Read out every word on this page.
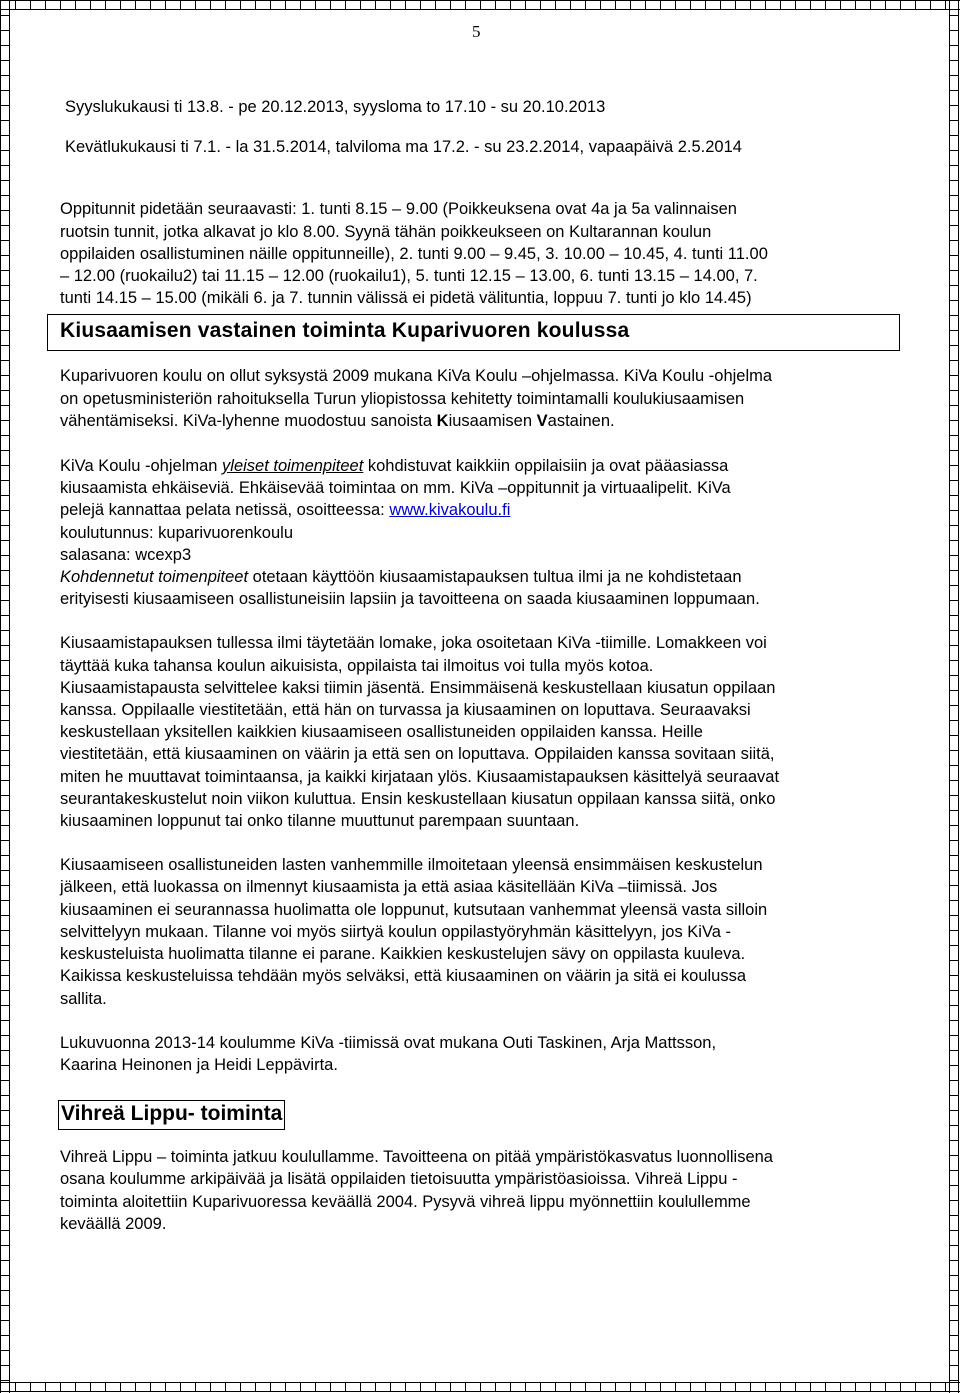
5
Syyslukukausi ti 13.8. - pe 20.12.2013, syysloma to 17.10 - su 20.10.2013
Kevätlukukausi ti 7.1. - la 31.5.2014, talviloma ma 17.2. - su 23.2.2014, vapaapäivä 2.5.2014
Oppitunnit pidetään seuraavasti: 1. tunti 8.15 – 9.00 (Poikkeuksena ovat 4a ja 5a valinnaisen
ruotsin tunnit, jotka alkavat jo klo 8.00. Syynä tähän poikkeukseen on Kultarannan koulun
oppilaiden osallistuminen näille oppitunneille), 2. tunti 9.00 – 9.45, 3. 10.00 – 10.45, 4. tunti 11.00
– 12.00 (ruokailu2) tai 11.15 – 12.00 (ruokailu1), 5. tunti 12.15 – 13.00, 6. tunti 13.15 – 14.00, 7.
tunti 14.15 – 15.00 (mikäli 6. ja 7. tunnin välissä ei pidetä välituntia, loppuu 7. tunti jo klo 14.45)
Kiusaamisen vastainen toiminta Kuparivuoren koulussa
Kuparivuoren koulu on ollut syksystä 2009 mukana KiVa Koulu –ohjelmassa. KiVa Koulu -ohjelma
on opetusministeriön rahoituksella Turun yliopistossa kehitetty toimintamalli koulukiusaamisen
vähentämiseksi. KiVa-lyhenne muodostuu sanoista Kiusaamisen Vastainen.
KiVa Koulu -ohjelman yleiset toimenpiteet kohdistuvat kaikkiin oppilaisiin ja ovat pääasiassa
kiusaamista ehkäiseviä. Ehkäisevää toimintaa on mm. KiVa –oppitunnit ja virtuaalipelit. KiVa
pelejä kannattaa pelata netissä, osoitteessa: www.kivakoulu.fi
koulutunnus: kuparivuorenkoulu
salasana: wcexp3
Kohdennetut toimenpiteet otetaan käyttöön kiusaamistapauksen tultua ilmi ja ne kohdistetaan
erityisesti kiusaamiseen osallistuneisiin lapsiin ja tavoitteena on saada kiusaaminen loppumaan.
Kiusaamistapauksen tullessa ilmi täytetään lomake, joka osoitetaan KiVa -tiimille. Lomakkeen voi
täyttää kuka tahansa koulun aikuisista, oppilaista tai ilmoitus voi tulla myös kotoa.
Kiusaamistapausta selvittelee kaksi tiimin jäsentä. Ensimmäisenä keskustellaan kiusatun oppilaan
kanssa. Oppilaalle viestitetään, että hän on turvassa ja kiusaaminen on loputtava. Seuraavaksi
keskustellaan yksitellen kaikkien kiusaamiseen osallistuneiden oppilaiden kanssa. Heille
viestitetään, että kiusaaminen on väärin ja että sen on loputtava. Oppilaiden kanssa sovitaan siitä,
miten he muuttavat toimintaansa, ja kaikki kirjataan ylös. Kiusaamistapauksen käsittelyä seuraavat
seurantakeskustelut noin viikon kuluttua. Ensin keskustellaan kiusatun oppilaan kanssa siitä, onko
kiusaaminen loppunut tai onko tilanne muuttunut parempaan suuntaan.
Kiusaamiseen osallistuneiden lasten vanhemmille ilmoitetaan yleensä ensimmäisen keskustelun
jälkeen, että luokassa on ilmennyt kiusaamista ja että asiaa käsitellään KiVa –tiimissä. Jos
kiusaaminen ei seurannassa huolimatta ole loppunut, kutsutaan vanhemmat yleensä vasta silloin
selvittelyyn mukaan. Tilanne voi myös siirtyä koulun oppilastyöryhmän käsittelyyn, jos KiVa -
keskusteluista huolimatta tilanne ei parane. Kaikkien keskustelujen sävy on oppilasta kuuleva.
Kaikissa keskusteluissa tehdään myös selväksi, että kiusaaminen on väärin ja sitä ei koulussa
sallita.
Lukuvuonna 2013-14 koulumme KiVa -tiimissä ovat mukana Outi Taskinen, Arja Mattsson,
Kaarina Heinonen ja Heidi Leppävirta.
Vihreä Lippu- toiminta
Vihreä Lippu – toiminta jatkuu koulullamme. Tavoitteena on pitää ympäristökasvatus luonnollisena
osana koulumme arkipäivää ja lisätä oppilaiden tietoisuutta ympäristöasioissa. Vihreä Lippu -
toiminta aloitettiin Kuparivuoressa keväällä 2004. Pysyvä vihreä lippu myönnettiin koulullemme
keväällä 2009.
